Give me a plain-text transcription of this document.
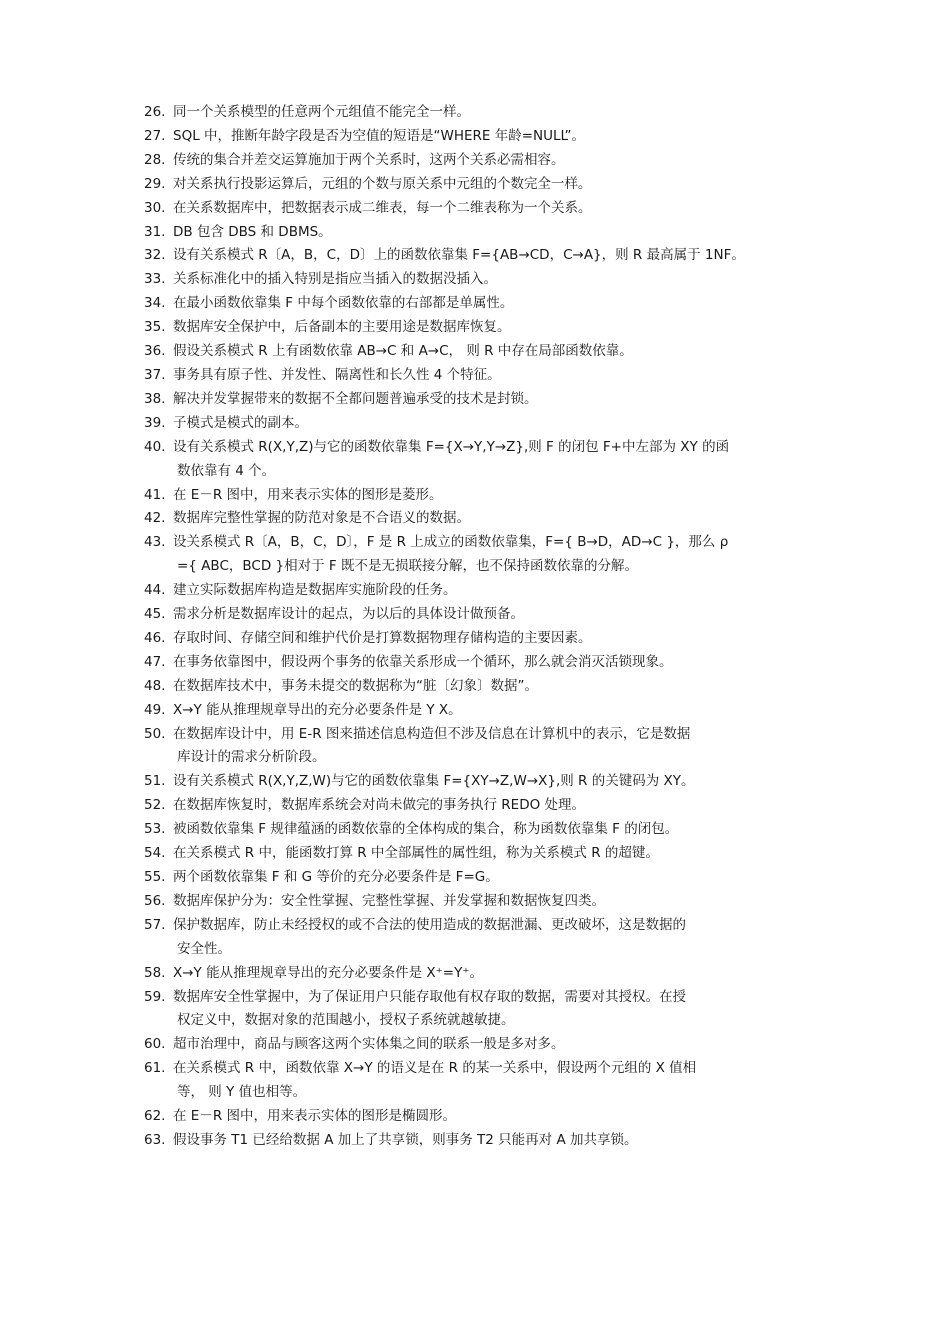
26. 同一个关系模型的任意两个元组值不能完全一样。
27. SQL 中，推断年龄字段是否为空值的短语是“WHERE 年龄=NULL”。
28. 传统的集合并差交运算施加于两个关系时，这两个关系必需相容。
29. 对关系执行投影运算后，元组的个数与原关系中元组的个数完全一样。
30. 在关系数据库中，把数据表示成二维表，每一个二维表称为一个关系。
31. DB 包含 DBS 和 DBMS。
32. 设有关系模式 R〔A，B，C，D〕上的函数依靠集 F={AB→CD，C→A}，则 R 最高属于 1NF。
33. 关系标准化中的插入特别是指应当插入的数据没插入。
34. 在最小函数依靠集 F 中每个函数依靠的右部都是单属性。
35. 数据库安全保护中，后备副本的主要用途是数据库恢复。
36. 假设关系模式 R 上有函数依靠 AB→C 和 A→C， 则 R 中存在局部函数依靠。
37. 事务具有原子性、并发性、隔离性和长久性 4 个特征。
38. 解决并发掌握带来的数据不全都问题普遍承受的技术是封锁。
39. 子模式是模式的副本。
40. 设有关系模式 R(X,Y,Z)与它的函数依靠集 F={X→Y,Y→Z},则 F 的闭包 F+中左部为 XY 的函
数依靠有 4 个。
41. 在 E－R 图中，用来表示实体的图形是菱形。
42. 数据库完整性掌握的防范对象是不合语义的数据。
43. 设关系模式 R〔A，B，C，D〕，F 是 R 上成立的函数依靠集，F={ B→D，AD→C }，那么 ρ
={ ABC，BCD }相对于 F 既不是无损联接分解，也不保持函数依靠的分解。
44. 建立实际数据库构造是数据库实施阶段的任务。
45. 需求分析是数据库设计的起点，为以后的具体设计做预备。
46. 存取时间、存储空间和维护代价是打算数据物理存储构造的主要因素。
47. 在事务依靠图中，假设两个事务的依靠关系形成一个循环，那么就会消灭活锁现象。
48. 在数据库技术中，事务未提交的数据称为“脏〔幻象〕数据”。
49. X→Y 能从推理规章导出的充分必要条件是 Y X。
50. 在数据库设计中，用 E-R 图来描述信息构造但不涉及信息在计算机中的表示，它是数据
库设计的需求分析阶段。
51. 设有关系模式 R(X,Y,Z,W)与它的函数依靠集 F={XY→Z,W→X},则 R 的关键码为 XY。
52. 在数据库恢复时，数据库系统会对尚未做完的事务执行 REDO 处理。
53. 被函数依靠集 F 规律蕴涵的函数依靠的全体构成的集合，称为函数依靠集 F 的闭包。
54. 在关系模式 R 中，能函数打算 R 中全部属性的属性组，称为关系模式 R 的超键。
55. 两个函数依靠集 F 和 G 等价的充分必要条件是 F=G。
56. 数据库保护分为：安全性掌握、完整性掌握、并发掌握和数据恢复四类。
57. 保护数据库，防止未经授权的或不合法的使用造成的数据泄漏、更改破坏，这是数据的
安全性。
58. X→Y 能从推理规章导出的充分必要条件是 X⁺=Y⁺。
59. 数据库安全性掌握中，为了保证用户只能存取他有权存取的数据，需要对其授权。在授
权定义中，数据对象的范围越小，授权子系统就越敏捷。
60. 超市治理中，商品与顾客这两个实体集之间的联系一般是多对多。
61. 在关系模式 R 中，函数依靠 X→Y 的语义是在 R 的某一关系中，假设两个元组的 X 值相
等， 则 Y 值也相等。
62. 在 E－R 图中，用来表示实体的图形是椭圆形。
63. 假设事务 T1 已经给数据 A 加上了共享锁，则事务 T2 只能再对 A 加共享锁。
